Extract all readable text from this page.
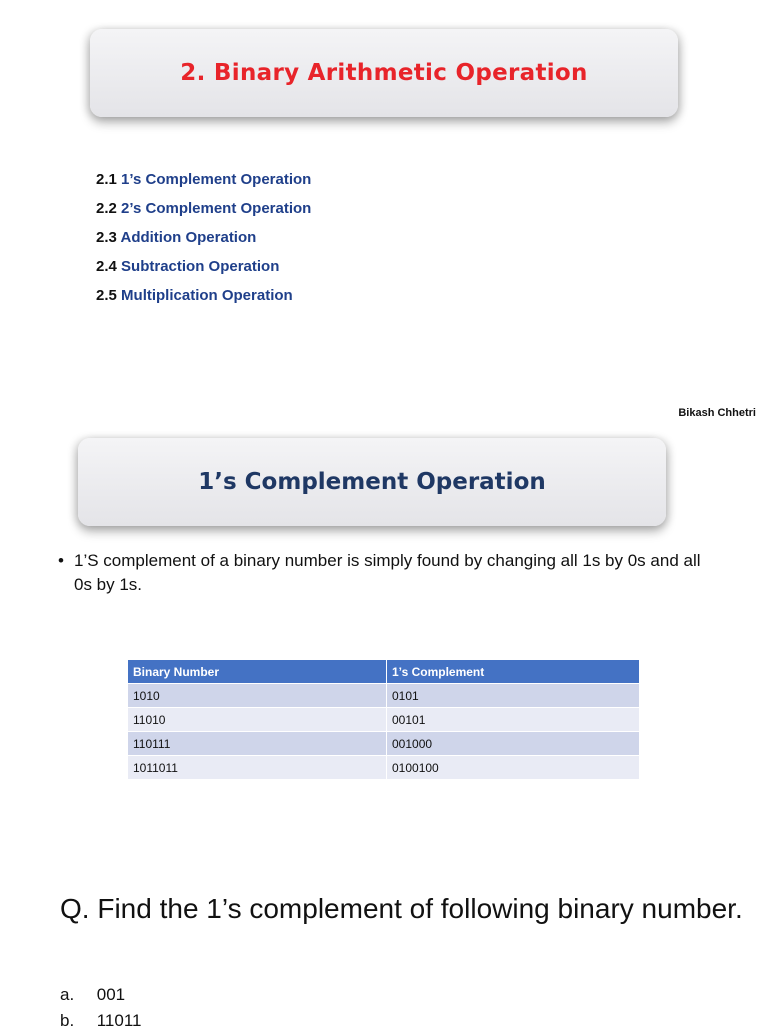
2. Binary Arithmetic Operation
2.1 1’s Complement Operation
2.2 2’s Complement Operation
2.3 Addition Operation
2.4 Subtraction Operation
2.5 Multiplication Operation
Bikash Chhetri
1’s Complement Operation
• 1’S complement of a binary number is simply found by changing all 1s by 0s and all 0s by 1s.
Binary Number	1’s Complement
1010	0101
11010	00101
110111	001000
1011011	0100100
Q. Find the 1’s complement of following binary number.
a. 001
b. 11011
